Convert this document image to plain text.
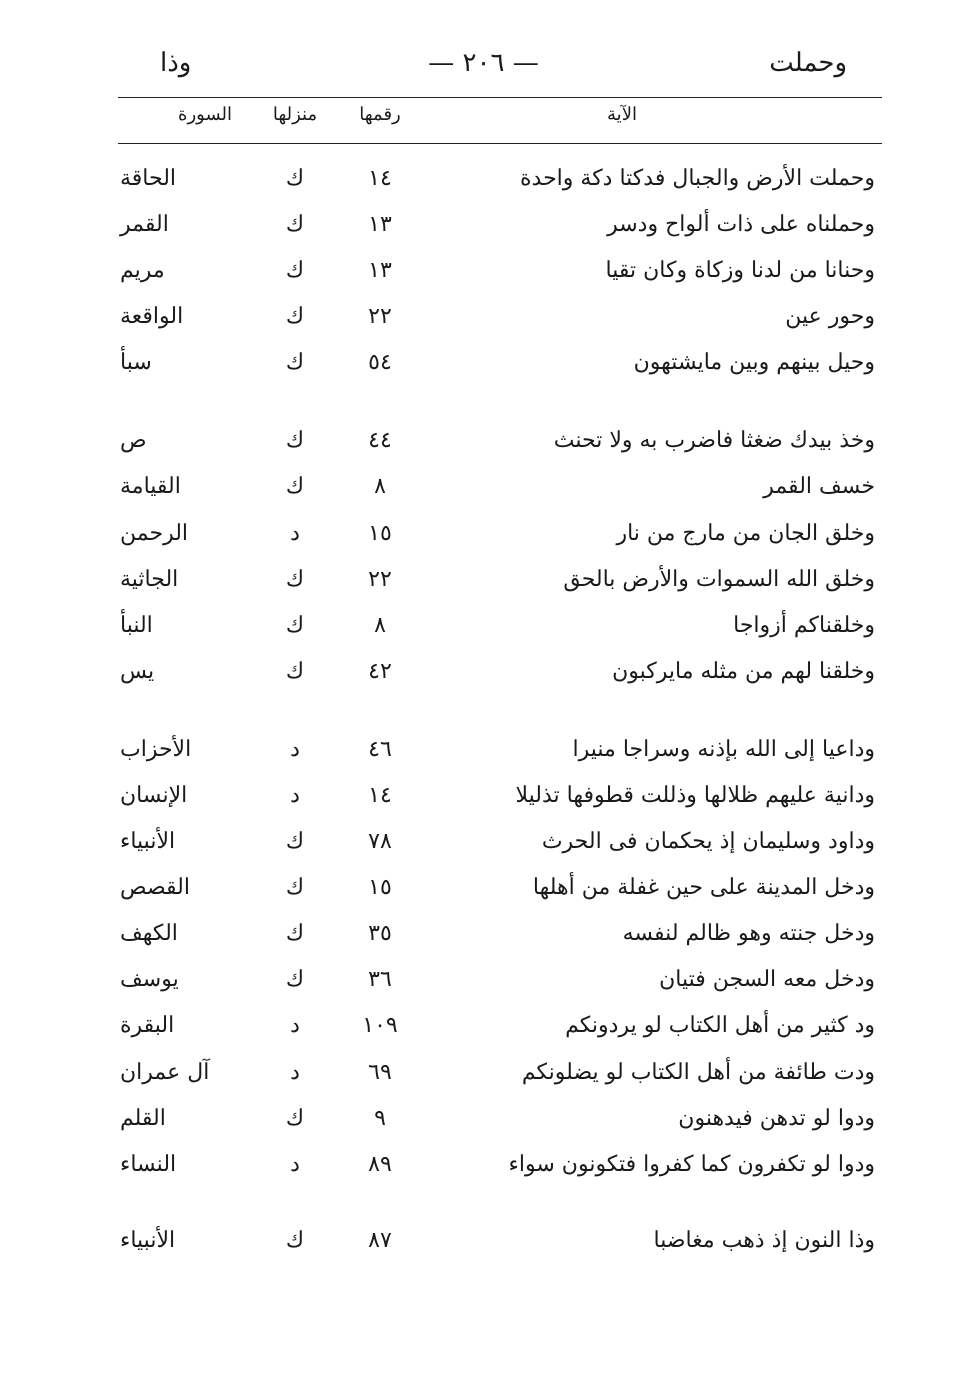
وحملت
— ٢٠٦ —
وذا
الآية
رقمها
منزلها
السورة
وحملت الأرض والجبال فدكتا دكة واحدة
١٤
ك
الحاقة
وحملناه على ذات ألواح ودسر
١٣
ك
القمر
وحنانا من لدنا وزكاة وكان تقيا
١٣
ك
مريم
وحور عين
٢٢
ك
الواقعة
وحيل بينهم وبين مايشتهون
٥٤
ك
سبأ
وخذ بيدك ضغثا فاضرب به ولا تحنث
٤٤
ك
ص
خسف القمر
٨
ك
القيامة
وخلق الجان من مارج من نار
١٥
د
الرحمن
وخلق الله السموات والأرض بالحق
٢٢
ك
الجاثية
وخلقناكم أزواجا
٨
ك
النبأ
وخلقنا لهم من مثله مايركبون
٤٢
ك
يس
وداعيا إلى الله بإذنه وسراجا منيرا
٤٦
د
الأحزاب
ودانية عليهم ظلالها وذللت قطوفها تذليلا
١٤
د
الإنسان
وداود وسليمان إذ يحكمان فى الحرث
٧٨
ك
الأنبياء
ودخل المدينة على حين غفلة من أهلها
١٥
ك
القصص
ودخل جنته وهو ظالم لنفسه
٣٥
ك
الكهف
ودخل معه السجن فتيان
٣٦
ك
يوسف
ود كثير من أهل الكتاب لو يردونكم
١٠٩
د
البقرة
ودت طائفة من أهل الكتاب لو يضلونكم
٦٩
د
آل عمران
ودوا لو تدهن فيدهنون
٩
ك
القلم
ودوا لو تكفرون كما كفروا فتكونون سواء
٨٩
د
النساء
وذا النون إذ ذهب مغاضبا
٨٧
ك
الأنبياء
